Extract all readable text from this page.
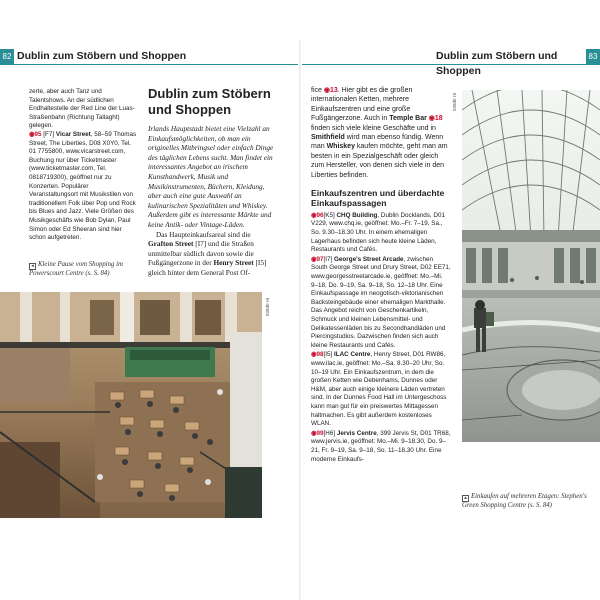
82 Dublin zum Stöbern und Shoppen	Dublin zum Stöbern und Shoppen
83
zerte, aber auch Tanz und Talentshows. An der südlichen Endhaltestelle der Red Line der Luas-Straßenbahn (Richtung Tallaght) gelegen.
◉95 [F7] Vicar Street, 58–59 Thomas Street, The Liberties, D08 X0Y0, Tel. 01 7755800, www.vicarstreet.com, Buchung nur über Ticketmaster (www.ticketmaster.com, Tel. 0818719300), geöffnet nur zu Konzerten. Populärer Veranstaltungsort mit Musikstilen von traditionellem Folk über Pop und Rock bis Blues and Jazz. Viele Größen des Musikgeschäfts wie Bob Dylan, Paul Simon oder Ed Sheeran sind hier schon aufgetreten.
◂ Kleine Pause vom Shopping im Powerscourt Centre (s. S. 84)
Dublin zum Stöbern und Shoppen
Irlands Hauptstadt bietet eine Vielzahl an Einkaufsmöglichkeiten, ob man ein originelles Mitbringsel oder einfach Dinge des täglichen Lebens sucht. Man findet ein interessantes Angebot an irischem Kunsthandwerk, Musik und Musikinstrumenten, Büchern, Kleidung, aber auch eine gute Auswahl an kulinarischen Spezialitäten und Whiskey. Außerdem gibt es interessante Märkte und keine Antik- oder Vintage-Läden.
Das Haupteinkaufsareal sind die Grafton Street [I7] und die Straßen unmittelbar südlich davon sowie die Fußgängerzone in der Henry Street [I5] gleich hinter dem General Post Of-
038d0 Hi
fice ◉13. Hier gibt es die großen internationalen Ketten, mehrere Einkaufszentren und eine große Fußgängerzone. Auch in Temple Bar ◉18 finden sich viele kleine Geschäfte und in Smithfield wird man ebenso fündig. Wenn man Whiskey kaufen möchte, geht man am besten in ein Spezialgeschäft oder gleich zum Hersteller, von denen sich viele in den Liberties befinden.
Einkaufszentren und überdachte Einkaufspassagen
◉96[K5] CHQ Building, Dublin Docklands, D01 V229, www.chq.ie, geöffnet: Mo.–Fr. 7–19, Sa., So. 9.30–18.30 Uhr. In einem ehemaligen Lagerhaus befinden sich heute kleine Läden, Restaurants und Cafés.
◉97[I7] George's Street Arcade, zwischen South George Street und Drury Street, D02 EE71, www.georgesstreetarcade.ie, geöffnet: Mo.–Mi. 9–18, Do. 9–19, Sa. 9–18, So. 12–18 Uhr. Eine Einkaufspassage im neogotisch-viktorianischen Backsteingebäude einer ehemaligen Markthalle. Das Angebot reicht von Geschenkartikeln, Schmuck und kleinen Lebensmittel- und Delikatessenläden bis zu Secondhandläden und Piercingstudios. Dazwischen finden sich auch kleine Restaurants und Cafés.
◉98[I5] ILAC Centre, Henry Street, D01 RW86, www.ilac.ie, geöffnet: Mo.–Sa. 8.30–20 Uhr, So. 10–19 Uhr. Ein Einkaufszentrum, in dem die großen Ketten wie Debenhams, Dunnes oder H&M, aber auch einige kleinere Läden vertreten sind. In der Dunnes Food Hall im Untergeschoss kann man gut für ein preiswertes Mittagessen haltmachen. Es gibt außerdem kostenloses WLAN.
◉99[H6] Jervis Centre, 399 Jervis St, D01 TR68, www.jervis.ie, geöffnet: Mo.–Mi. 9–18.30, Do. 9–21, Fr. 9–19, Sa. 9–18, So. 11–18.30 Uhr. Eine moderne Einkaufs-
038d0 Hi
▴ Einkaufen auf mehreren Etagen: Stephen's Green Shopping Centre (s. S. 84)
